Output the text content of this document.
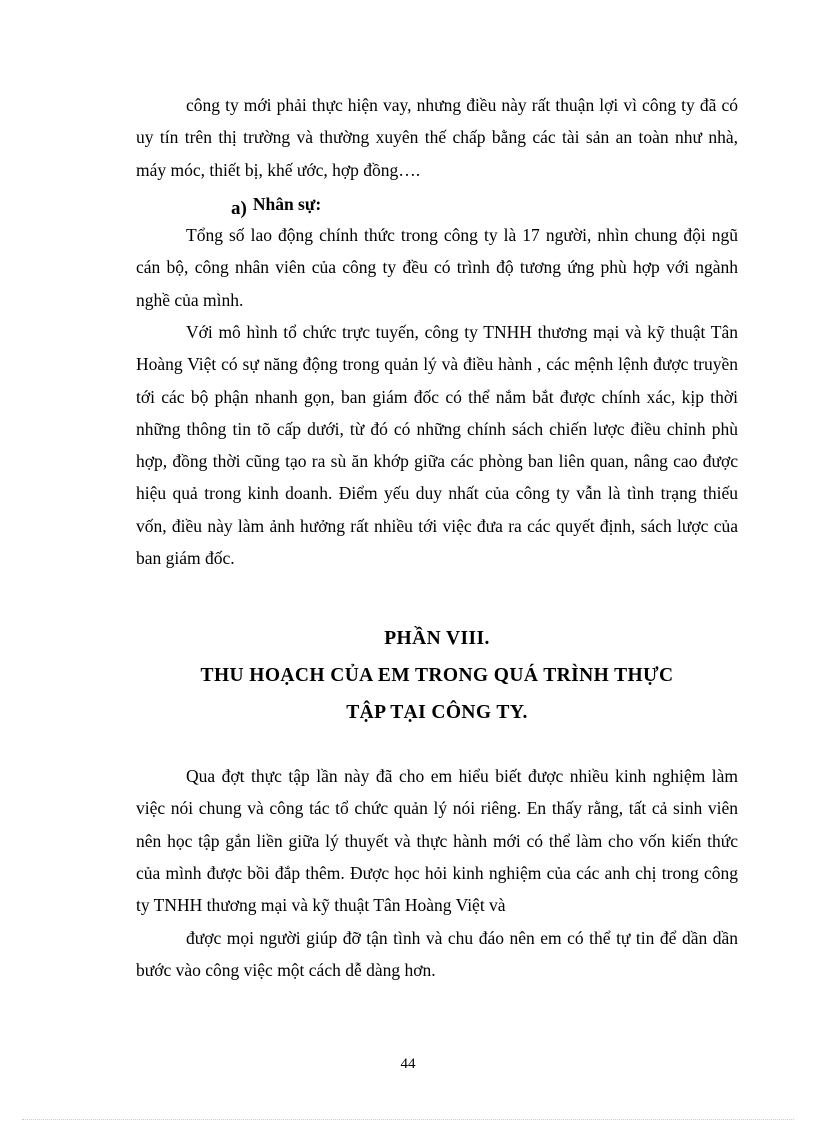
công ty mới phải thực hiện vay, nhưng điều này rất thuận lợi vì công ty đã có uy tín trên thị trường và thường xuyên thế chấp bằng các tài sản an toàn như nhà, máy móc, thiết bị, khế ước, hợp đồng….

a) Nhân sự:

Tổng số lao động chính thức trong công ty là 17 người, nhìn chung đội ngũ cán bộ, công nhân viên của công ty đều có trình độ tương ứng phù hợp với ngành nghề của mình.

Với mô hình tổ chức trực tuyến, công ty TNHH thương mại và kỹ thuật Tân Hoàng Việt có sự năng động trong quản lý và điều hành , các mệnh lệnh được truyền tới các bộ phận nhanh gọn, ban giám đốc có thể nắm bắt được chính xác, kịp thời những thông tin tõ cấp dưới, từ đó có những chính sách chiến lược điều chỉnh phù hợp, đồng thời cũng tạo ra sù ăn khớp giữa các phòng ban liên quan, nâng cao được hiệu quả trong kinh doanh. Điểm yếu duy nhất của công ty vẫn là tình trạng thiếu vốn, điều này làm ảnh hưởng rất nhiều tới việc đưa ra các quyết định, sách lược của ban giám đốc.

PHẦN VIII.

THU HOẠCH CỦA EM TRONG QUÁ TRÌNH THỰC

TẬP TẠI CÔNG TY.

Qua đợt thực tập lần này đã cho em hiểu biết được nhiều kinh nghiệm làm việc nói chung và công tác tổ chức quản lý nói riêng. En thấy rằng, tất cả sinh viên nên học tập gắn liền giữa lý thuyết và thực hành mới có thể làm cho vốn kiến thức của mình được bồi đắp thêm. Được học hỏi kinh nghiệm của các anh chị trong công ty TNHH thương mại và kỹ thuật Tân Hoàng Việt và

được mọi người giúp đỡ tận tình và chu đáo nên em có thể tự tin để dần dần bước vào công việc một cách dễ dàng hơn.

44
